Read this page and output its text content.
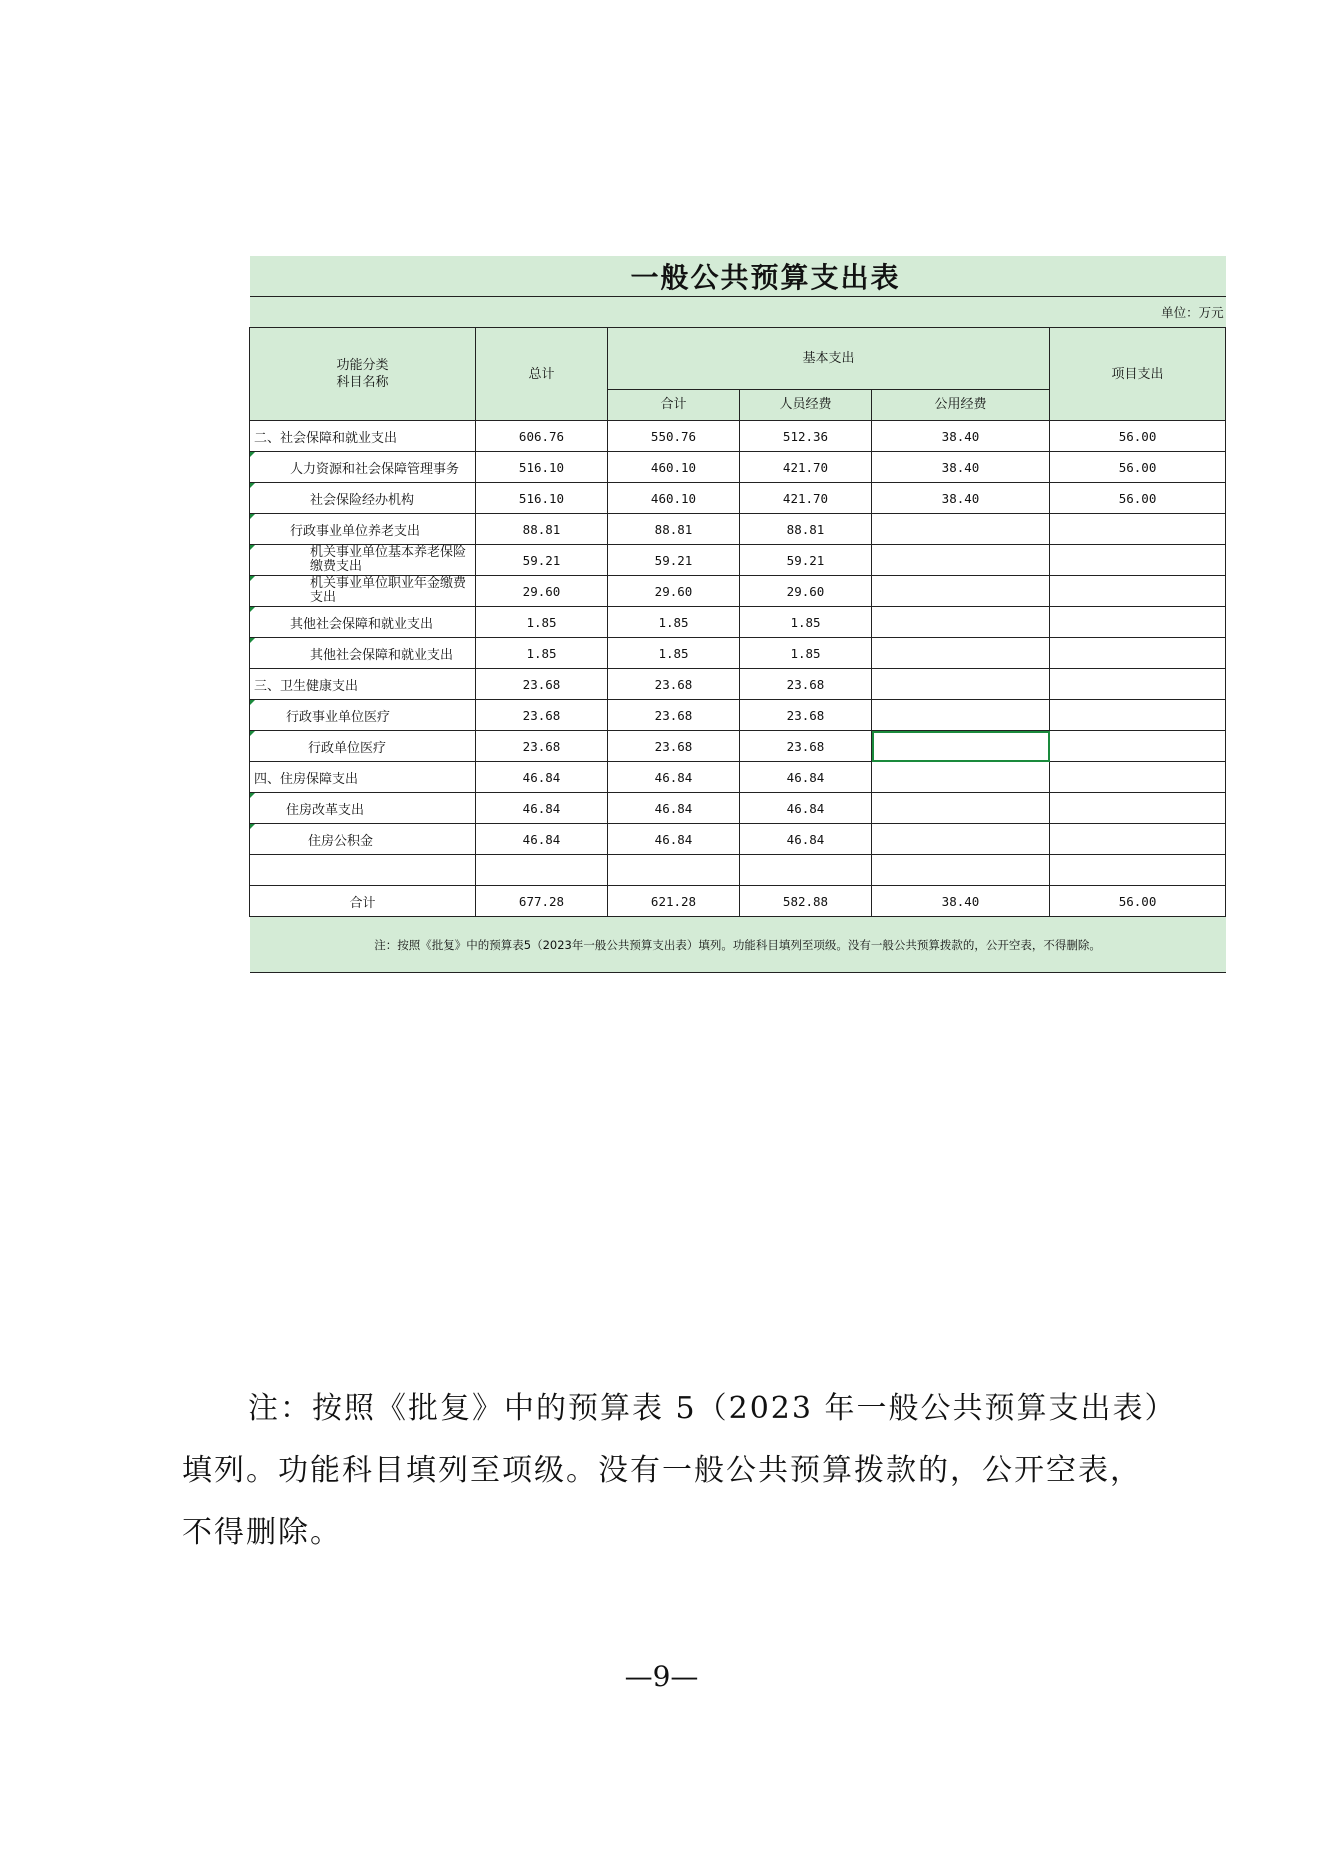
一般公共预算支出表					
单位：万元					
功能分类
科目名称	总计	基本支出			项目支出
		合计	人员经费	公用经费	
二、社会保障和就业支出	606.76	550.76	512.36	38.40	56.00
人力资源和社会保障管理事务	516.10	460.10	421.70	38.40	56.00
社会保险经办机构	516.10	460.10	421.70	38.40	56.00
行政事业单位养老支出	88.81	88.81	88.81		
机关事业单位基本养老保险缴费支出	59.21	59.21	59.21		
机关事业单位职业年金缴费支出	29.60	29.60	29.60		
其他社会保障和就业支出	1.85	1.85	1.85		
其他社会保障和就业支出	1.85	1.85	1.85		
三、卫生健康支出	23.68	23.68	23.68		
行政事业单位医疗	23.68	23.68	23.68		
行政单位医疗	23.68	23.68	23.68		
四、住房保障支出	46.84	46.84	46.84		
住房改革支出	46.84	46.84	46.84		
住房公积金	46.84	46.84	46.84		

合计	677.28	621.28	582.88	38.40	56.00
注：按照《批复》中的预算表5（2023年一般公共预算支出表）填列。功能科目填列至项级。没有一般公共预算拨款的，公开空表，不得删除。					

注：按照《批复》中的预算表 5（2023 年一般公共预算支出表）填列。功能科目填列至项级。没有一般公共预算拨款的，公开空表，不得删除。

—9—
